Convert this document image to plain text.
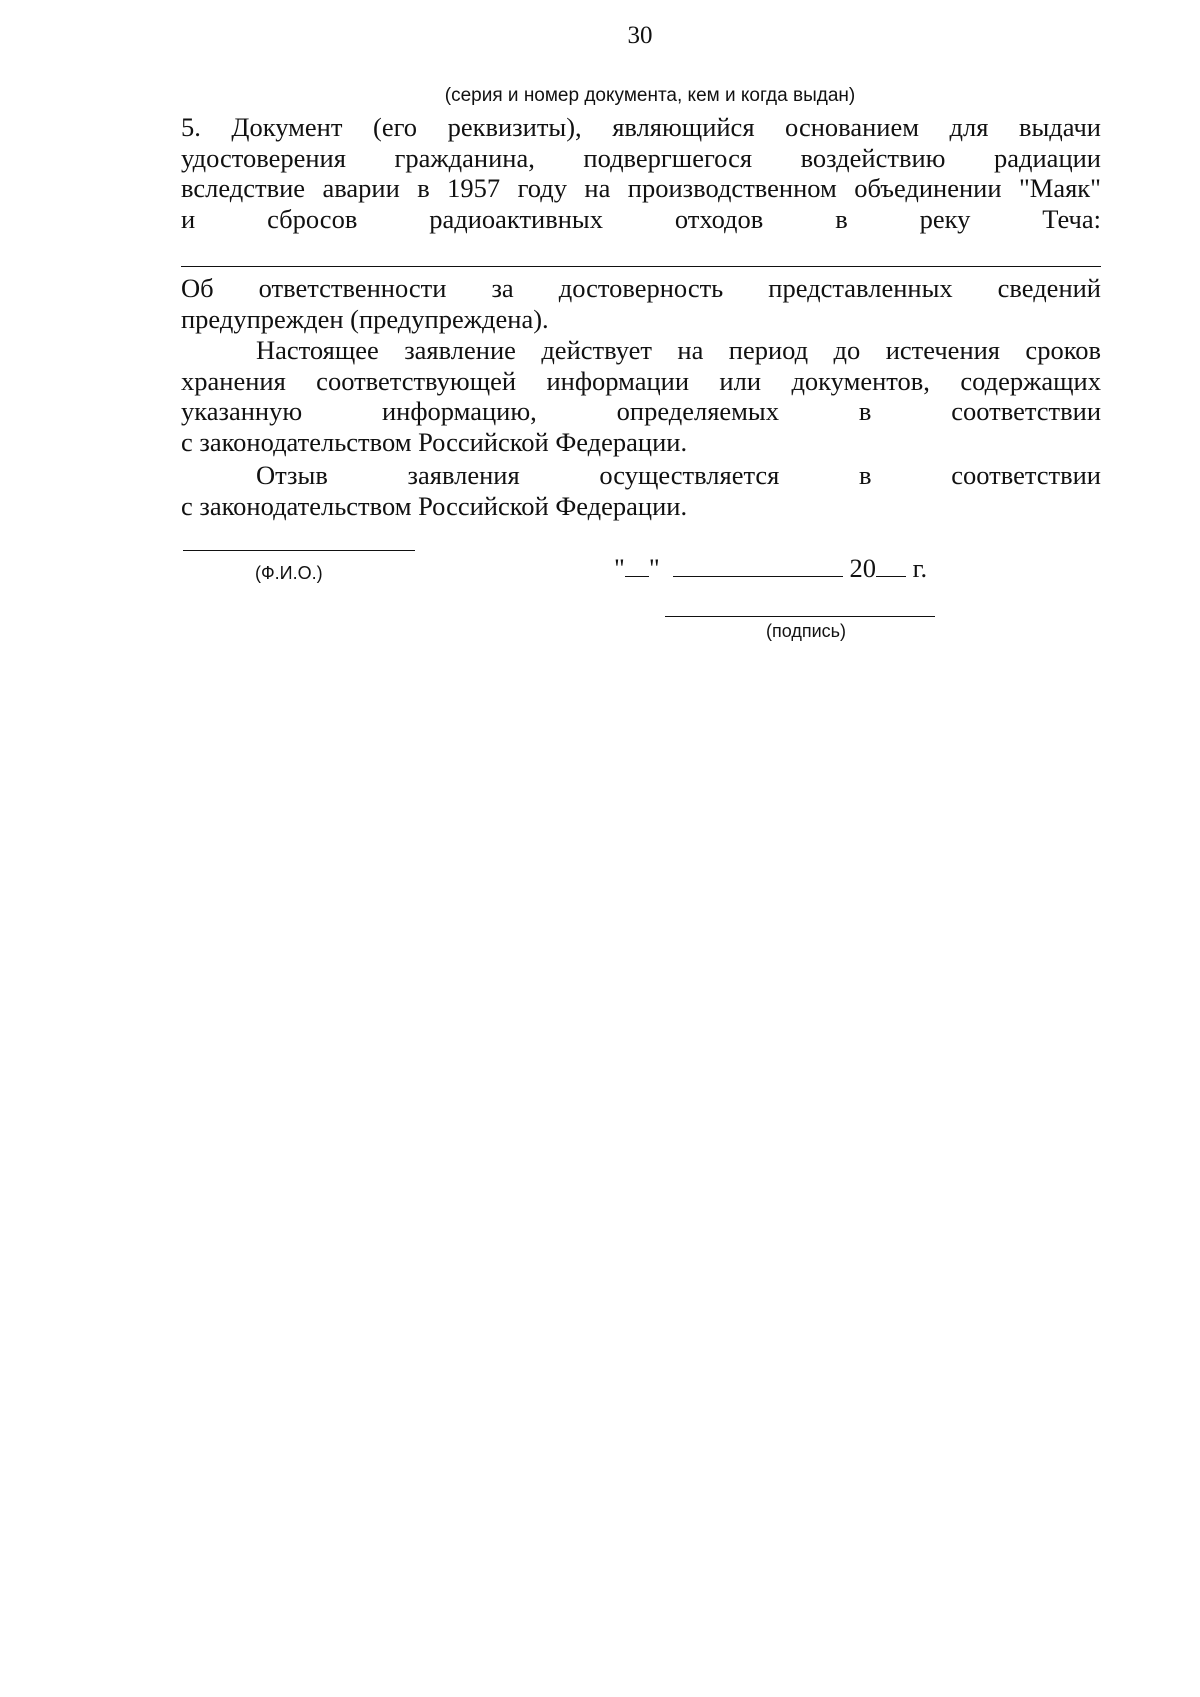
30
(серия и номер документа, кем и когда выдан)
5. Документ (его реквизиты), являющийся основанием для выдачи
удостоверения гражданина, подвергшегося воздействию радиации
вследствие аварии в 1957 году на производственном объединении "Маяк"
и сбросов радиоактивных отходов в реку Теча:
Об ответственности за достоверность представленных сведений
предупрежден (предупреждена).
Настоящее заявление действует на период до истечения сроков
хранения соответствующей информации или документов, содержащих
указанную информацию, определяемых в соответствии
с законодательством Российской Федерации.
Отзыв заявления осуществляется в соответствии
с законодательством Российской Федерации.
(Ф.И.О.)	" "	20 г.
(подпись)
